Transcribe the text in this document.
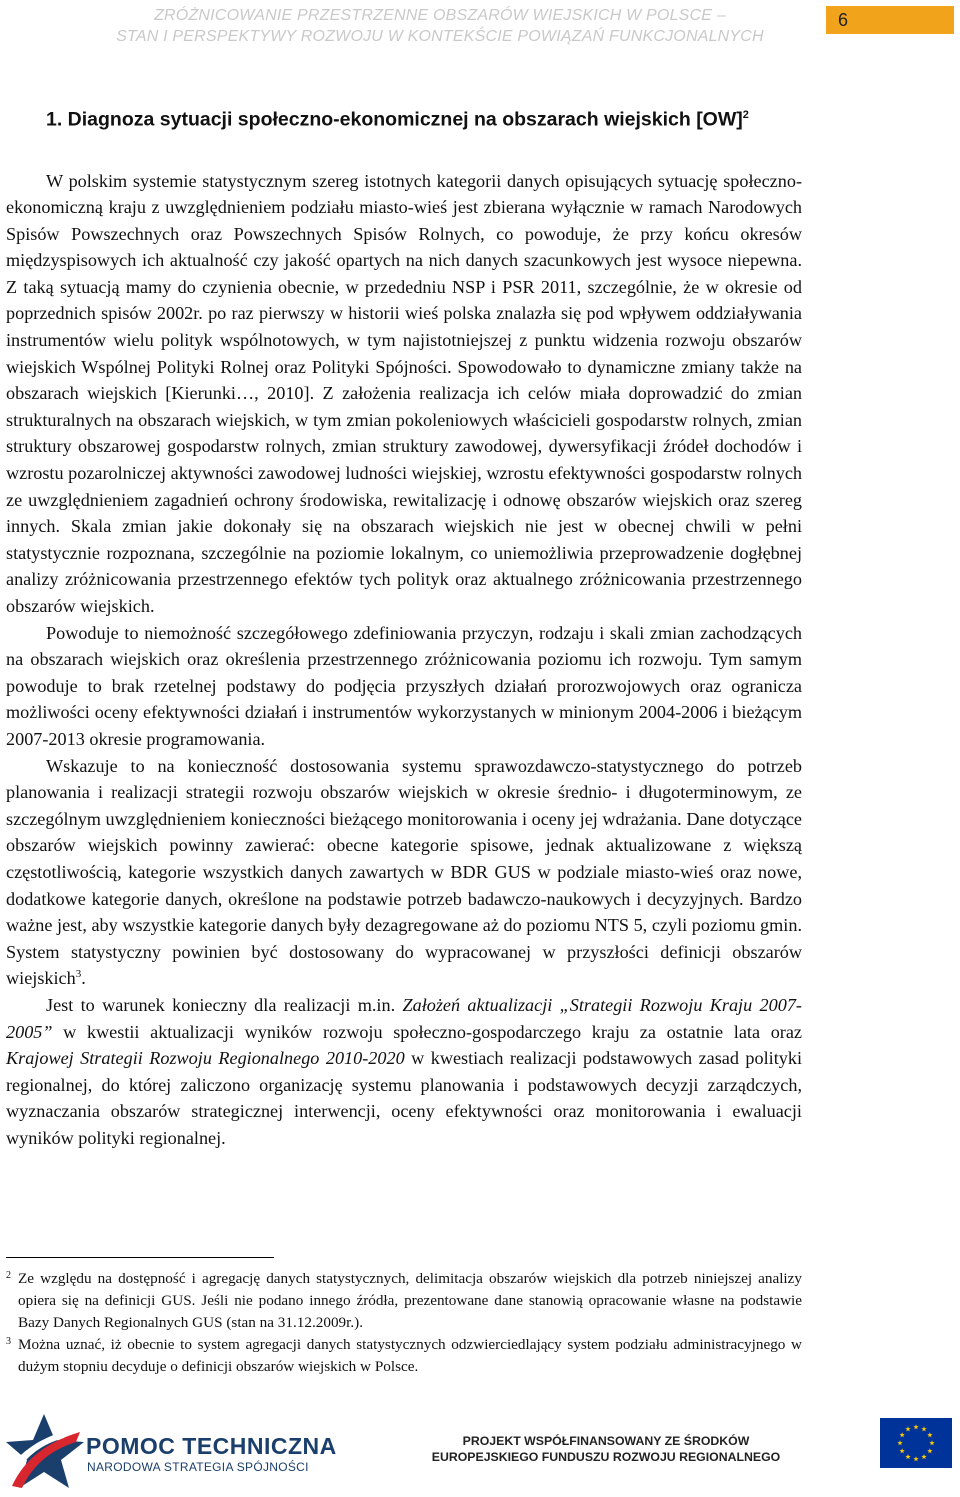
ZRÓŻNICOWANIE PRZESTRZENNE OBSZARÓW WIEJSKICH W POLSCE –
STAN I PERSPEKTYWY ROZWOJU W KONTEKŚCIE POWIĄZAŃ FUNKCJONALNYCH
6
1. Diagnoza sytuacji społeczno-ekonomicznej na obszarach wiejskich [OW]$^2$

W polskim systemie statystycznym szereg istotnych kategorii danych opisujących sytuację społeczno-ekonomiczną kraju z uwzględnieniem podziału miasto-wieś jest zbierana wyłącznie w ramach Narodowych Spisów Powszechnych oraz Powszechnych Spisów Rolnych, co powoduje, że przy końcu okresów międzyspisowych ich aktualność czy jakość opartych na nich danych szacunkowych jest wysoce niepewna. Z taką sytuacją mamy do czynienia obecnie, w przededniu NSP i PSR 2011, szczególnie, że w okresie od poprzednich spisów 2002r. po raz pierwszy w historii wieś polska znalazła się pod wpływem oddziaływania instrumentów wielu polityk wspólnotowych, w tym najistotniejszej z punktu widzenia rozwoju obszarów wiejskich Wspólnej Polityki Rolnej oraz Polityki Spójności. Spowodowało to dynamiczne zmiany także na obszarach wiejskich [Kierunki…, 2010]. Z założenia realizacja ich celów miała doprowadzić do zmian strukturalnych na obszarach wiejskich, w tym zmian pokoleniowych właścicieli gospodarstw rolnych, zmian struktury obszarowej gospodarstw rolnych, zmian struktury zawodowej, dywersyfikacji źródeł dochodów i wzrostu pozarolniczej aktywności zawodowej ludności wiejskiej, wzrostu efektywności gospodarstw rolnych ze uwzględnieniem zagadnień ochrony środowiska, rewitalizację i odnowę obszarów wiejskich oraz szereg innych. Skala zmian jakie dokonały się na obszarach wiejskich nie jest w obecnej chwili w pełni statystycznie rozpoznana, szczególnie na poziomie lokalnym, co uniemożliwia przeprowadzenie dogłębnej analizy zróżnicowania przestrzennego efektów tych polityk oraz aktualnego zróżnicowania przestrzennego obszarów wiejskich.

Powoduje to niemożność szczegółowego zdefiniowania przyczyn, rodzaju i skali zmian zachodzących na obszarach wiejskich oraz określenia przestrzennego zróżnicowania poziomu ich rozwoju. Tym samym powoduje to brak rzetelnej podstawy do podjęcia przyszłych działań prorozwojowych oraz ogranicza możliwości oceny efektywności działań i instrumentów wykorzystanych w minionym 2004-2006 i bieżącym 2007-2013 okresie programowania.

Wskazuje to na konieczność dostosowania systemu sprawozdawczo-statystycznego do potrzeb planowania i realizacji strategii rozwoju obszarów wiejskich w okresie średnio- i długoterminowym, ze szczególnym uwzględnieniem konieczności bieżącego monitorowania i oceny jej wdrażania. Dane dotyczące obszarów wiejskich powinny zawierać: obecne kategorie spisowe, jednak aktualizowane z większą częstotliwością, kategorie wszystkich danych zawartych w BDR GUS w podziale miasto-wieś oraz nowe, dodatkowe kategorie danych, określone na podstawie potrzeb badawczo-naukowych i decyzyjnych. Bardzo ważne jest, aby wszystkie kategorie danych były dezagregowane aż do poziomu NTS 5, czyli poziomu gmin. System statystyczny powinien być dostosowany do wypracowanej w przyszłości definicji obszarów wiejskich$^3$.

Jest to warunek konieczny dla realizacji m.in. Założeń aktualizacji „Strategii Rozwoju Kraju 2007-2005” w kwestii aktualizacji wyników rozwoju społeczno-gospodarczego kraju za ostatnie lata oraz Krajowej Strategii Rozwoju Regionalnego 2010-2020 w kwestiach realizacji podstawowych zasad polityki regionalnej, do której zaliczono organizację systemu planowania i podstawowych decyzji zarządczych, wyznaczania obszarów strategicznej interwencji, oceny efektywności oraz monitorowania i ewaluacji wyników polityki regionalnej.

2 Ze względu na dostępność i agregację danych statystycznych, delimitacja obszarów wiejskich dla potrzeb niniejszej analizy opiera się na definicji GUS. Jeśli nie podano innego źródła, prezentowane dane stanowią opracowanie własne na podstawie Bazy Danych Regionalnych GUS (stan na 31.12.2009r.).

3 Można uznać, iż obecnie to system agregacji danych statystycznych odzwierciedlający system podziału administracyjnego w dużym stopniu decyduje o definicji obszarów wiejskich w Polsce.

POMOC TECHNICZNA
NARODOWA STRATEGIA SPÓJNOŚCI
PROJEKT WSPÓŁFINANSOWANY ZE ŚRODKÓW
EUROPEJSKIEGO FUNDUSZU ROZWOJU REGIONALNEGO
